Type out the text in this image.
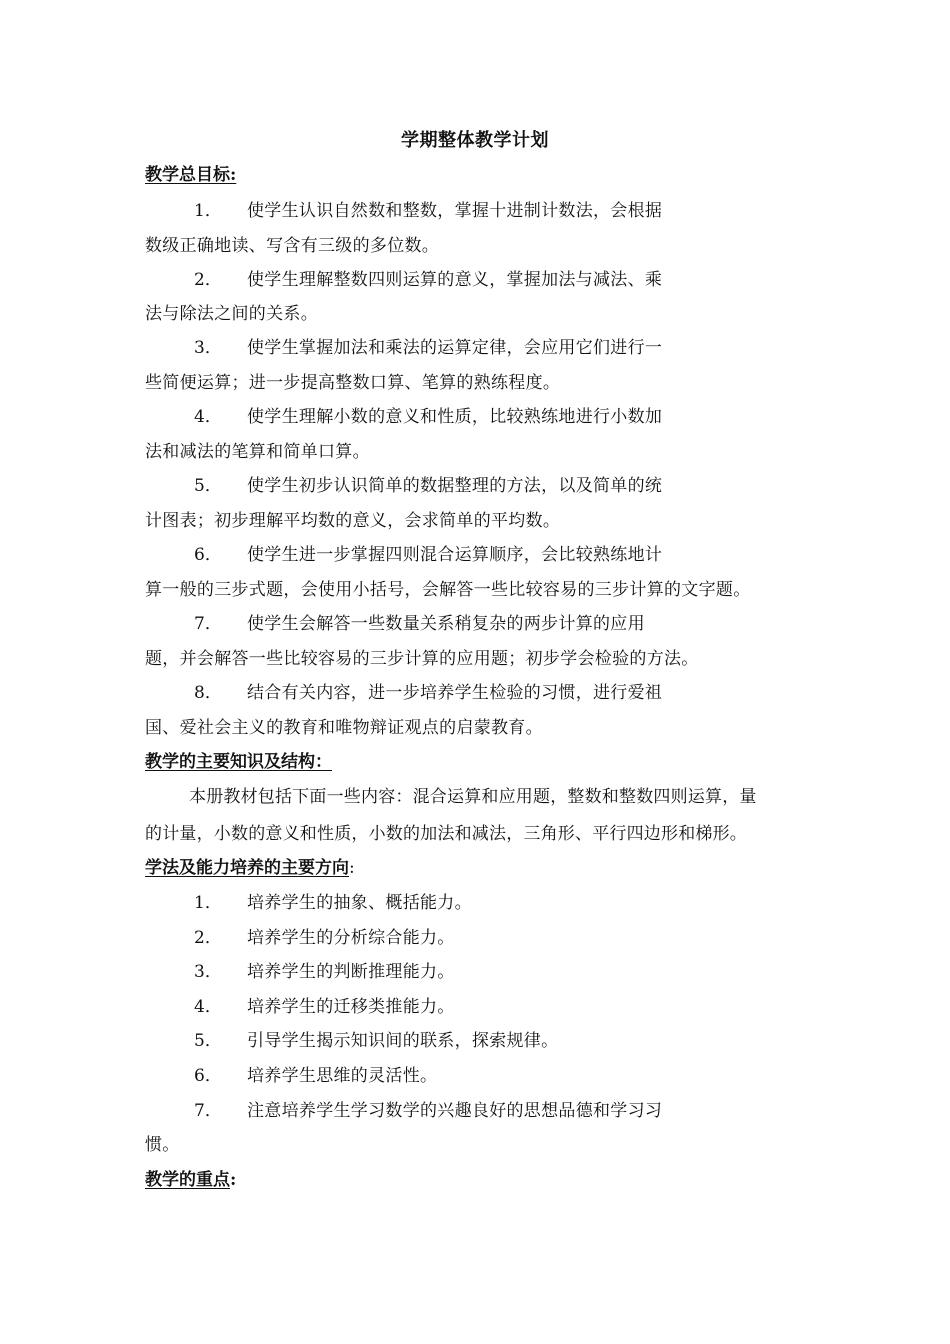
学期整体教学计划
教学总目标:
1． 使学生认识自然数和整数，掌握十进制计数法，会根据
数级正确地读、写含有三级的多位数。
2． 使学生理解整数四则运算的意义，掌握加法与减法、乘
法与除法之间的关系。
3． 使学生掌握加法和乘法的运算定律，会应用它们进行一
些简便运算；进一步提高整数口算、笔算的熟练程度。
4． 使学生理解小数的意义和性质，比较熟练地进行小数加
法和减法的笔算和简单口算。
5． 使学生初步认识简单的数据整理的方法，以及简单的统
计图表；初步理解平均数的意义，会求简单的平均数。
6． 使学生进一步掌握四则混合运算顺序，会比较熟练地计
算一般的三步式题，会使用小括号，会解答一些比较容易的三步计算的文字题。
7． 使学生会解答一些数量关系稍复杂的两步计算的应用
题，并会解答一些比较容易的三步计算的应用题；初步学会检验的方法。
8． 结合有关内容，进一步培养学生检验的习惯，进行爱祖
国、爱社会主义的教育和唯物辩证观点的启蒙教育。
教学的主要知识及结构：
本册教材包括下面一些内容：混合运算和应用题，整数和整数四则运算，量
的计量，小数的意义和性质，小数的加法和减法，三角形、平行四边形和梯形。
学法及能力培养的主要方向:
1． 培养学生的抽象、概括能力。
2． 培养学生的分析综合能力。
3． 培养学生的判断推理能力。
4． 培养学生的迁移类推能力。
5． 引导学生揭示知识间的联系，探索规律。
6． 培养学生思维的灵活性。
7． 注意培养学生学习数学的兴趣良好的思想品德和学习习
惯。
教学的重点:
